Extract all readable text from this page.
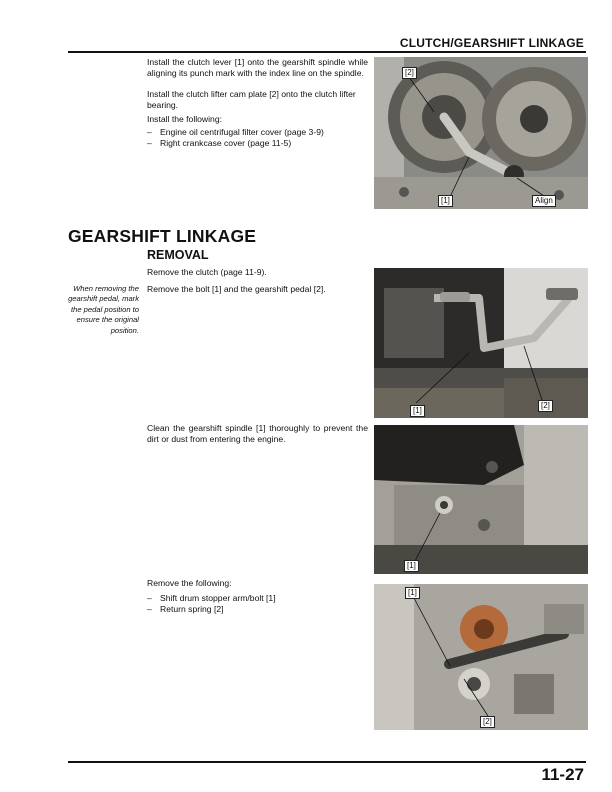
CLUTCH/GEARSHIFT LINKAGE

Install the clutch lever [1] onto the gearshift spindle while aligning its punch mark with the index line on the spindle.

Install the clutch lifter cam plate [2] onto the clutch lifter bearing.

Install the following:

– Engine oil centrifugal filter cover (page 3-9)
– Right crankcase cover (page 11-5)
[2]
[1]	Align
GEARSHIFT LINKAGE
REMOVAL

Remove the clutch (page 11-9).

When removing the gearshift pedal, mark the pedal position to ensure the original position.

Remove the bolt [1] and the gearshift pedal [2].

[1]
[2]

Clean the gearshift spindle [1] thoroughly to prevent the dirt or dust from entering the engine.

[1]

Remove the following:

– Shift drum stopper arm/bolt [1]
– Return spring [2]
[1]
[2]
11-27
